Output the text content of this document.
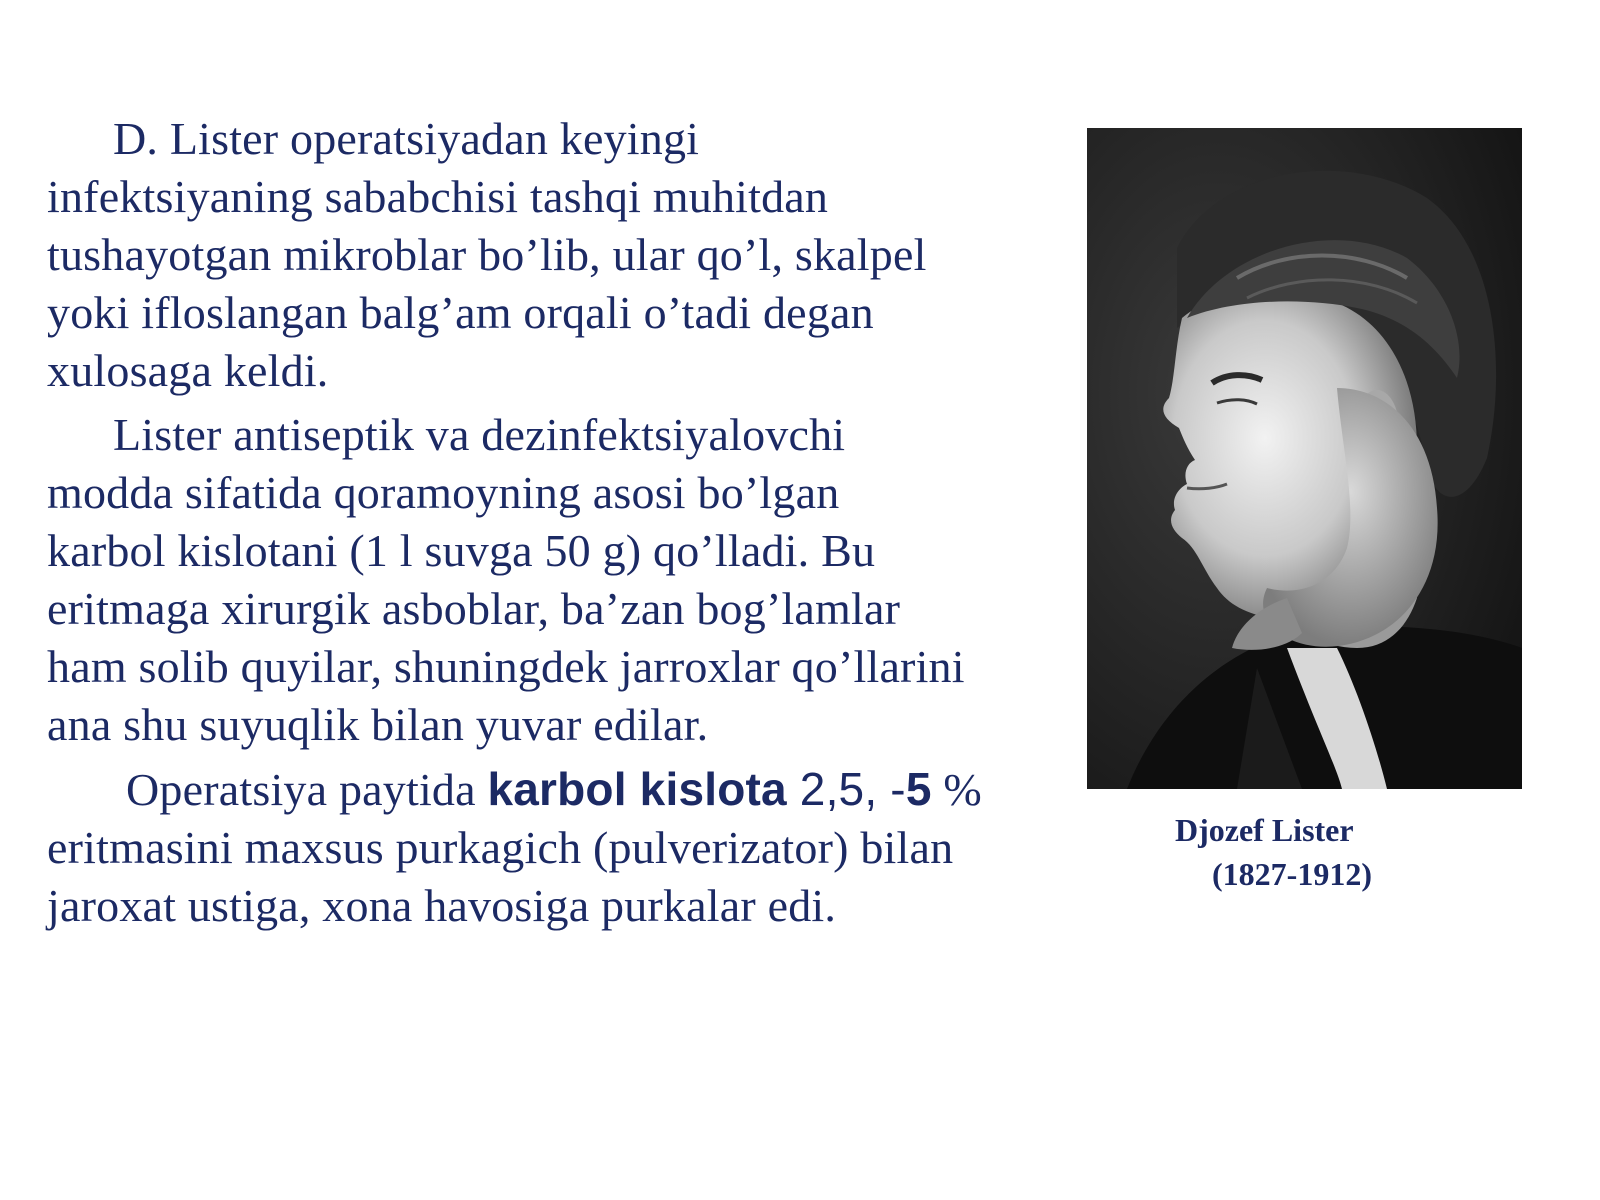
D. Lister operatsiyadan keyingi
infektsiyaning sababchisi tashqi muhitdan
tushayotgan mikroblar bo’lib, ular qo’l, skalpel
yoki ifloslangan balg’am orqali o’tadi degan
xulosaga keldi.

Lister antiseptik va dezinfektsiyalovchi
modda sifatida qoramoyning asosi bo’lgan
karbol kislotani (1 l suvga 50 g) qo’lladi. Bu
eritmaga xirurgik asboblar, ba’zan bog’lamlar
ham solib quyilar, shuningdek jarroxlar qo’llarini
ana shu suyuqlik bilan yuvar edilar.

Operatsiya paytida karbol kislota 2,5, -5 %
eritmasini maxsus purkagich (pulverizator) bilan
jaroxat ustiga, xona havosiga purkalar edi.

Djozef Lister
(1827-1912)
